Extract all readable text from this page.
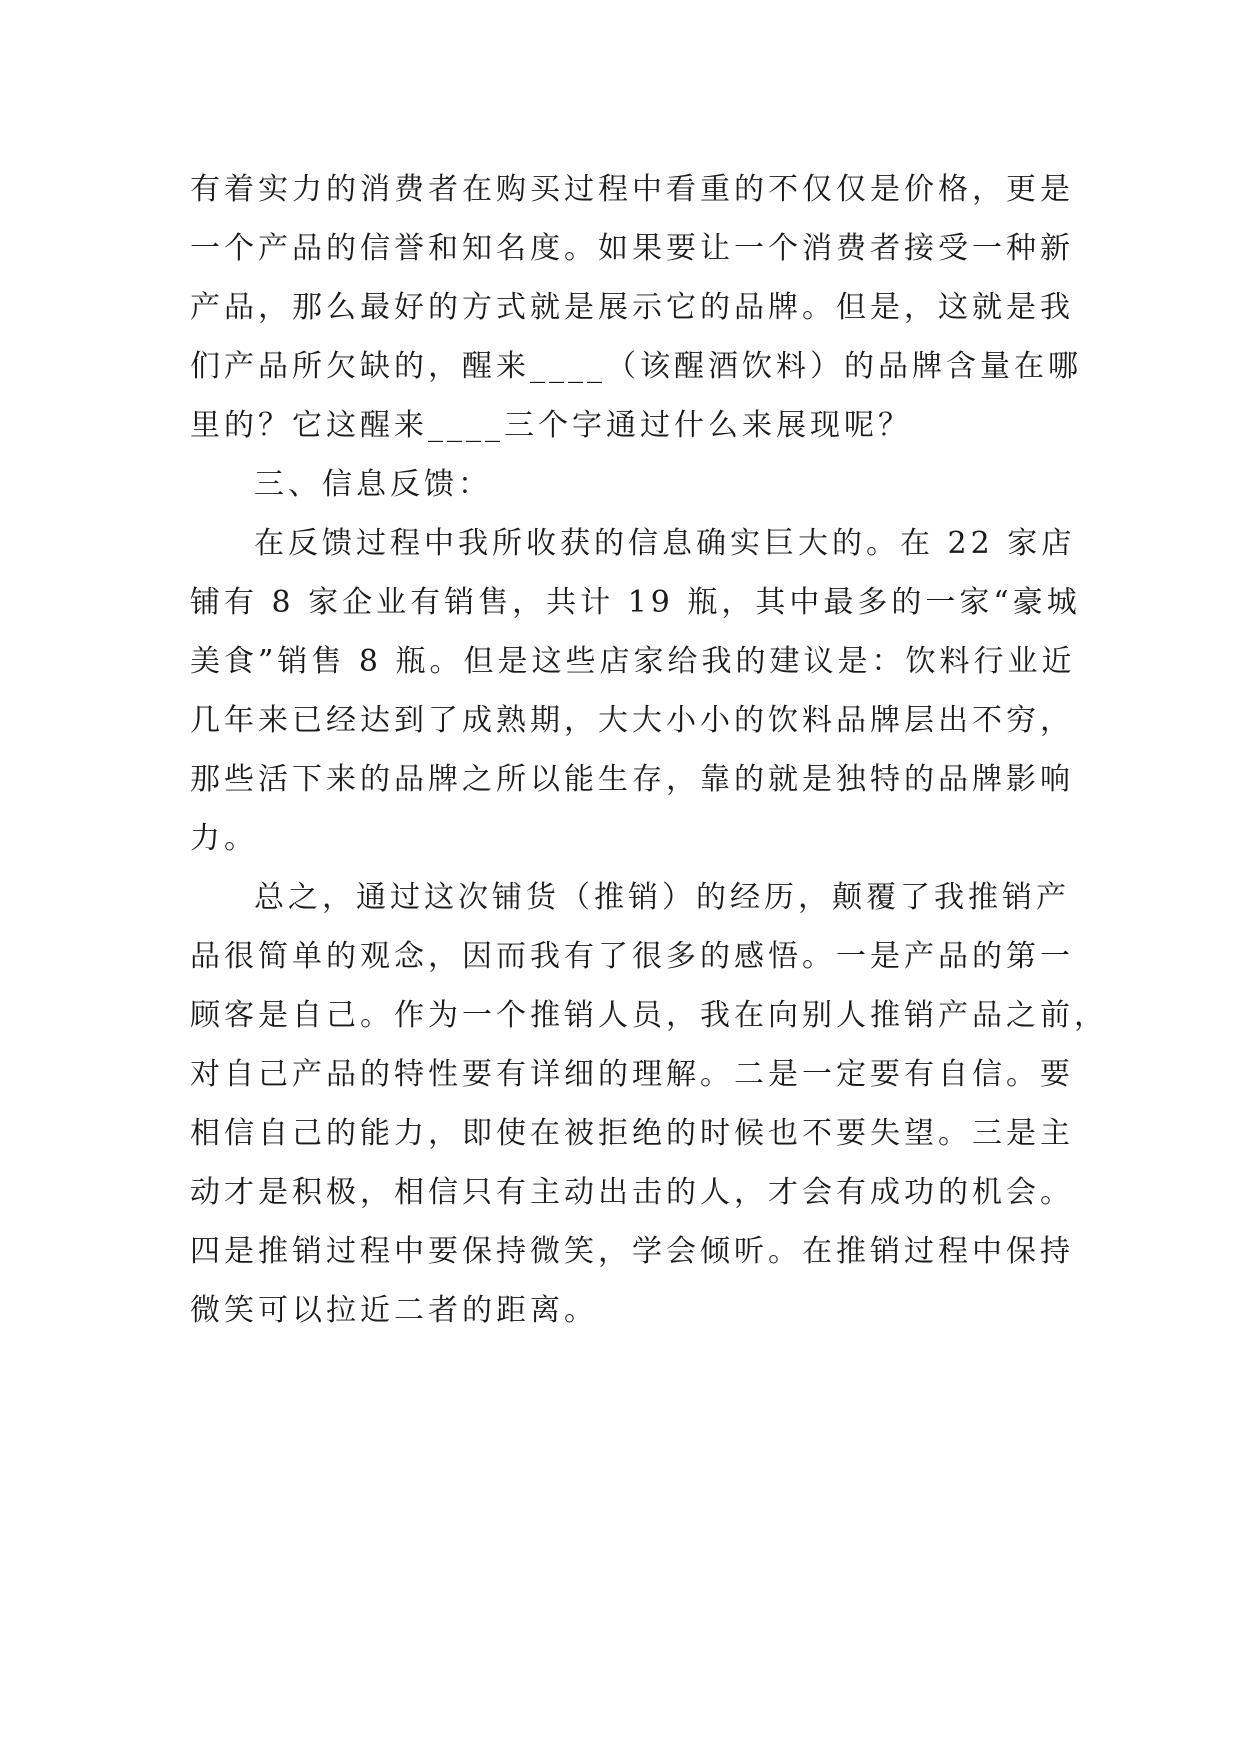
有着实力的消费者在购买过程中看重的不仅仅是价格，更是
一个产品的信誉和知名度。如果要让一个消费者接受一种新
产品，那么最好的方式就是展示它的品牌。但是，这就是我
们产品所欠缺的，醒来____（该醒酒饮料）的品牌含量在哪
里的？它这醒来____三个字通过什么来展现呢？

三、信息反馈：

在反馈过程中我所收获的信息确实巨大的。在 22 家店
铺有 8 家企业有销售，共计 19 瓶，其中最多的一家“豪城
美食”销售 8 瓶。但是这些店家给我的建议是：饮料行业近
几年来已经达到了成熟期，大大小小的饮料品牌层出不穷，
那些活下来的品牌之所以能生存，靠的就是独特的品牌影响
力。

总之，通过这次铺货（推销）的经历，颠覆了我推销产
品很简单的观念，因而我有了很多的感悟。一是产品的第一
顾客是自己。作为一个推销人员，我在向别人推销产品之前，
对自己产品的特性要有详细的理解。二是一定要有自信。要
相信自己的能力，即使在被拒绝的时候也不要失望。三是主
动才是积极，相信只有主动出击的人，才会有成功的机会。
四是推销过程中要保持微笑，学会倾听。在推销过程中保持
微笑可以拉近二者的距离。
